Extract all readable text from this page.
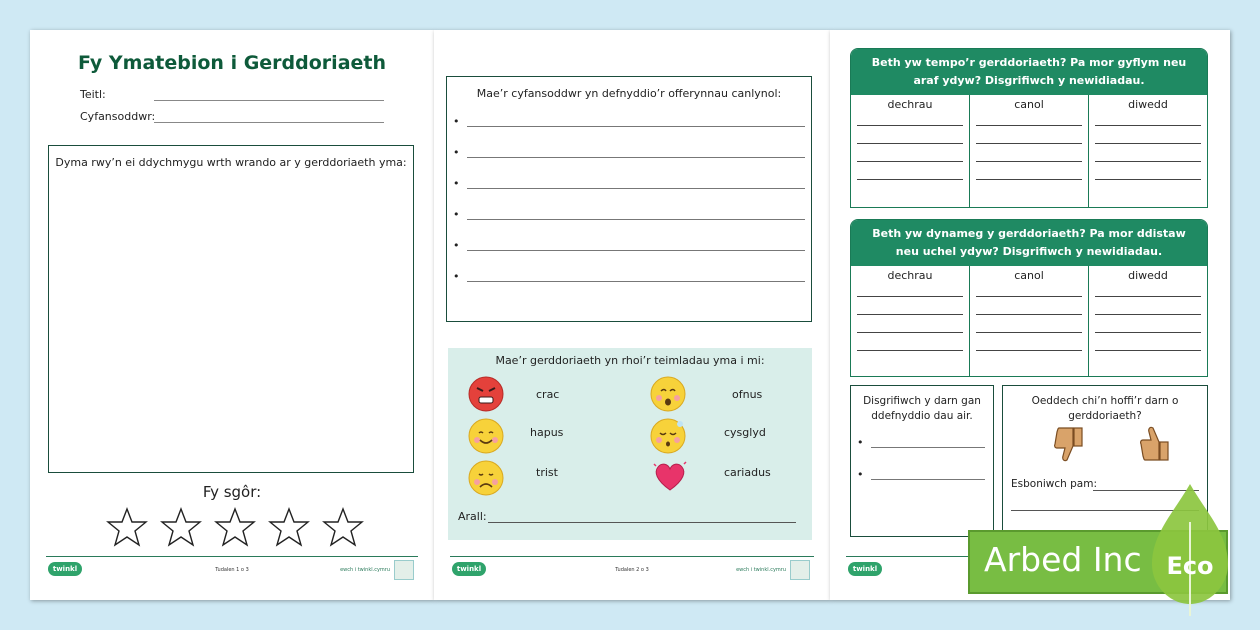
Fy Ymatebion i Gerddoriaeth
Teitl:
Cyfansoddwr:
Dyma rwy’n ei ddychmygu wrth wrando ar y gerddoriaeth yma:
Fy sgôr:
twinkl	Tudalen 1 o 3	ewch i twinkl.cymru
Mae’r cyfansoddwr yn defnyddio’r offerynnau canlynol:
•
•
•
•
•
•
Mae’r gerddoriaeth yn rhoi’r teimladau yma i mi:
crac	ofnus
hapus	cysglyd
trist	cariadus
Arall:
twinkl	Tudalen 2 o 3	ewch i twinkl.cymru
Beth yw tempo’r gerddoriaeth? Pa mor gyflym neu araf ydyw? Disgrifiwch y newidiadau.
dechrau	canol	diwedd
Beth yw dynameg y gerddoriaeth? Pa mor ddistaw neu uchel ydyw? Disgrifiwch y newidiadau.
dechrau	canol	diwedd
Disgrifiwch y darn gan ddefnyddio dau air.
•
•
Oeddech chi’n hoffi’r darn o gerddoriaeth?
Esboniwch pam:
twinkl	Arbed Inc Eco
